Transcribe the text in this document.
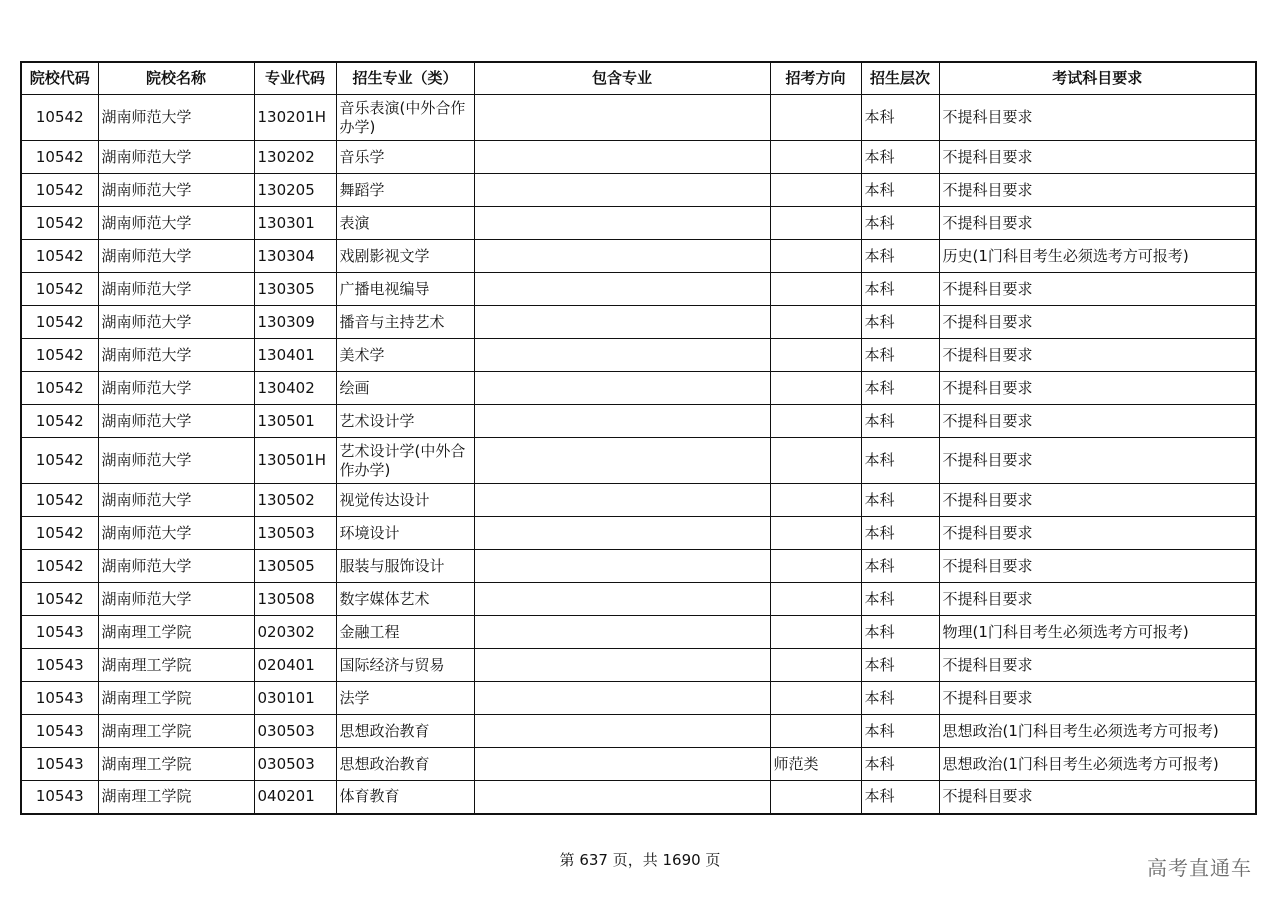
院校代码	院校名称	专业代码	招生专业（类）	包含专业	招考方向	招生层次	考试科目要求
10542	湖南师范大学	130201H	音乐表演(中外合作办学)			本科	不提科目要求
10542	湖南师范大学	130202	音乐学			本科	不提科目要求
10542	湖南师范大学	130205	舞蹈学			本科	不提科目要求
10542	湖南师范大学	130301	表演			本科	不提科目要求
10542	湖南师范大学	130304	戏剧影视文学			本科	历史(1门科目考生必须选考方可报考)
10542	湖南师范大学	130305	广播电视编导			本科	不提科目要求
10542	湖南师范大学	130309	播音与主持艺术			本科	不提科目要求
10542	湖南师范大学	130401	美术学			本科	不提科目要求
10542	湖南师范大学	130402	绘画			本科	不提科目要求
10542	湖南师范大学	130501	艺术设计学			本科	不提科目要求
10542	湖南师范大学	130501H	艺术设计学(中外合作办学)			本科	不提科目要求
10542	湖南师范大学	130502	视觉传达设计			本科	不提科目要求
10542	湖南师范大学	130503	环境设计			本科	不提科目要求
10542	湖南师范大学	130505	服装与服饰设计			本科	不提科目要求
10542	湖南师范大学	130508	数字媒体艺术			本科	不提科目要求
10543	湖南理工学院	020302	金融工程			本科	物理(1门科目考生必须选考方可报考)
10543	湖南理工学院	020401	国际经济与贸易			本科	不提科目要求
10543	湖南理工学院	030101	法学			本科	不提科目要求
10543	湖南理工学院	030503	思想政治教育			本科	思想政治(1门科目考生必须选考方可报考)
10543	湖南理工学院	030503	思想政治教育		师范类	本科	思想政治(1门科目考生必须选考方可报考)
10543	湖南理工学院	040201	体育教育			本科	不提科目要求
第 637 页，共 1690 页	高考直通车
